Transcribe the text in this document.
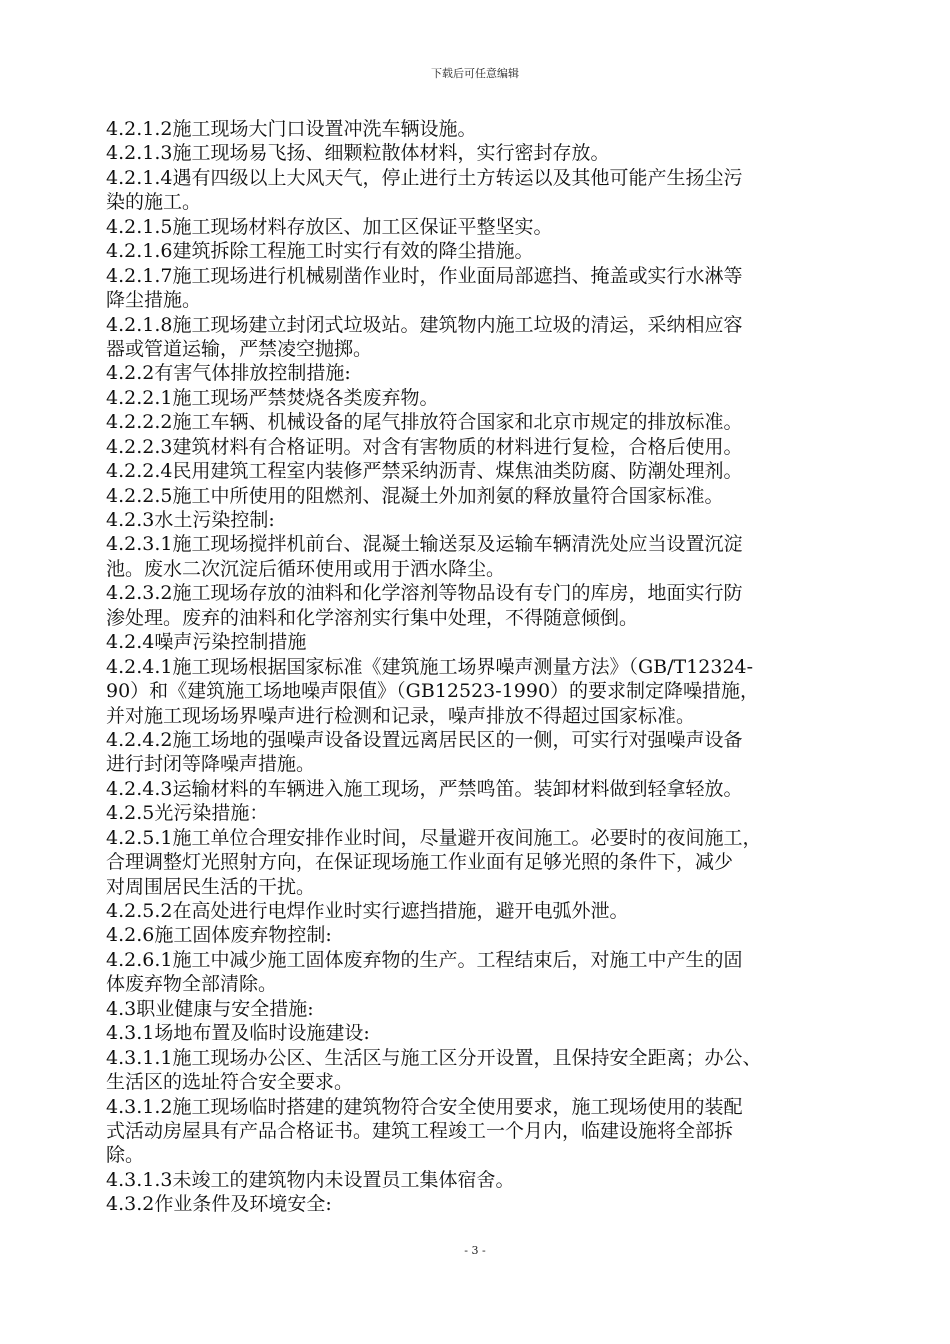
下载后可任意编辑
4.2.1.2施工现场大门口设置冲洗车辆设施。
4.2.1.3施工现场易飞扬、细颗粒散体材料，实行密封存放。
4.2.1.4遇有四级以上大风天气，停止进行土方转运以及其他可能产生扬尘污
染的施工。
4.2.1.5施工现场材料存放区、加工区保证平整坚实。
4.2.1.6建筑拆除工程施工时实行有效的降尘措施。
4.2.1.7施工现场进行机械剔凿作业时，作业面局部遮挡、掩盖或实行水淋等
降尘措施。
4.2.1.8施工现场建立封闭式垃圾站。建筑物内施工垃圾的清运，采纳相应容
器或管道运输，严禁凌空抛掷。
4.2.2有害气体排放控制措施:
4.2.2.1施工现场严禁焚烧各类废弃物。
4.2.2.2施工车辆、机械设备的尾气排放符合国家和北京市规定的排放标准。
4.2.2.3建筑材料有合格证明。对含有害物质的材料进行复检，合格后使用。
4.2.2.4民用建筑工程室内装修严禁采纳沥青、煤焦油类防腐、防潮处理剂。
4.2.2.5施工中所使用的阻燃剂、混凝土外加剂氨的释放量符合国家标准。
4.2.3水土污染控制:
4.2.3.1施工现场搅拌机前台、混凝土输送泵及运输车辆清洗处应当设置沉淀
池。废水二次沉淀后循环使用或用于洒水降尘。
4.2.3.2施工现场存放的油料和化学溶剂等物品设有专门的库房，地面实行防
渗处理。废弃的油料和化学溶剂实行集中处理，不得随意倾倒。
4.2.4噪声污染控制措施
4.2.4.1施工现场根据国家标准《建筑施工场界噪声测量方法》（GB/T12324-
90）和《建筑施工场地噪声限值》（GB12523-1990）的要求制定降噪措施，
并对施工现场场界噪声进行检测和记录，噪声排放不得超过国家标准。
4.2.4.2施工场地的强噪声设备设置远离居民区的一侧，可实行对强噪声设备
进行封闭等降噪声措施。
4.2.4.3运输材料的车辆进入施工现场，严禁鸣笛。装卸材料做到轻拿轻放。
4.2.5光污染措施：
4.2.5.1施工单位合理安排作业时间，尽量避开夜间施工。必要时的夜间施工，
合理调整灯光照射方向，在保证现场施工作业面有足够光照的条件下，减少
对周围居民生活的干扰。
4.2.5.2在高处进行电焊作业时实行遮挡措施，避开电弧外泄。
4.2.6施工固体废弃物控制:
4.2.6.1施工中减少施工固体废弃物的生产。工程结束后，对施工中产生的固
体废弃物全部清除。
4.3职业健康与安全措施:
4.3.1场地布置及临时设施建设:
4.3.1.1施工现场办公区、生活区与施工区分开设置，且保持安全距离；办公、
生活区的选址符合安全要求。
4.3.1.2施工现场临时搭建的建筑物符合安全使用要求，施工现场使用的装配
式活动房屋具有产品合格证书。建筑工程竣工一个月内，临建设施将全部拆
除。
4.3.1.3未竣工的建筑物内未设置员工集体宿舍。
4.3.2作业条件及环境安全:
- 3 -
